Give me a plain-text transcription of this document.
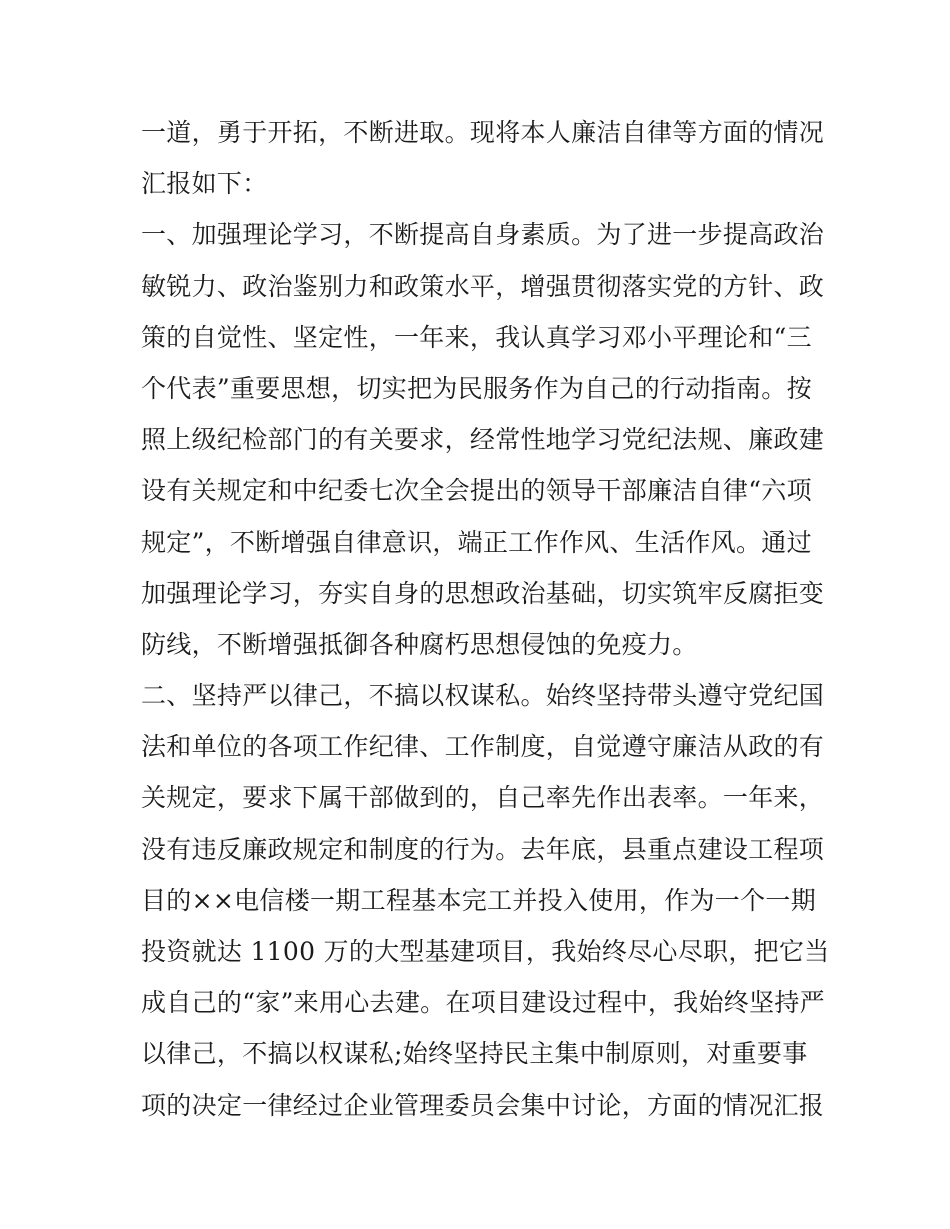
一道，勇于开拓，不断进取。现将本人廉洁自律等方面的情况
汇报如下：
一、加强理论学习，不断提高自身素质。为了进一步提高政治
敏锐力、政治鉴别力和政策水平，增强贯彻落实党的方针、政
策的自觉性、坚定性，一年来，我认真学习邓小平理论和“三
个代表”重要思想，切实把为民服务作为自己的行动指南。按
照上级纪检部门的有关要求，经常性地学习党纪法规、廉政建
设有关规定和中纪委七次全会提出的领导干部廉洁自律“六项
规定”，不断增强自律意识，端正工作作风、生活作风。通过
加强理论学习，夯实自身的思想政治基础，切实筑牢反腐拒变
防线，不断增强抵御各种腐朽思想侵蚀的免疫力。
二、坚持严以律己，不搞以权谋私。始终坚持带头遵守党纪国
法和单位的各项工作纪律、工作制度，自觉遵守廉洁从政的有
关规定，要求下属干部做到的，自己率先作出表率。一年来，
没有违反廉政规定和制度的行为。去年底，县重点建设工程项
目的××电信楼一期工程基本完工并投入使用，作为一个一期
投资就达 1100 万的大型基建项目，我始终尽心尽职，把它当
成自己的“家”来用心去建。在项目建设过程中，我始终坚持严
以律己，不搞以权谋私;始终坚持民主集中制原则，对重要事
项的决定一律经过企业管理委员会集中讨论，方面的情况汇报
